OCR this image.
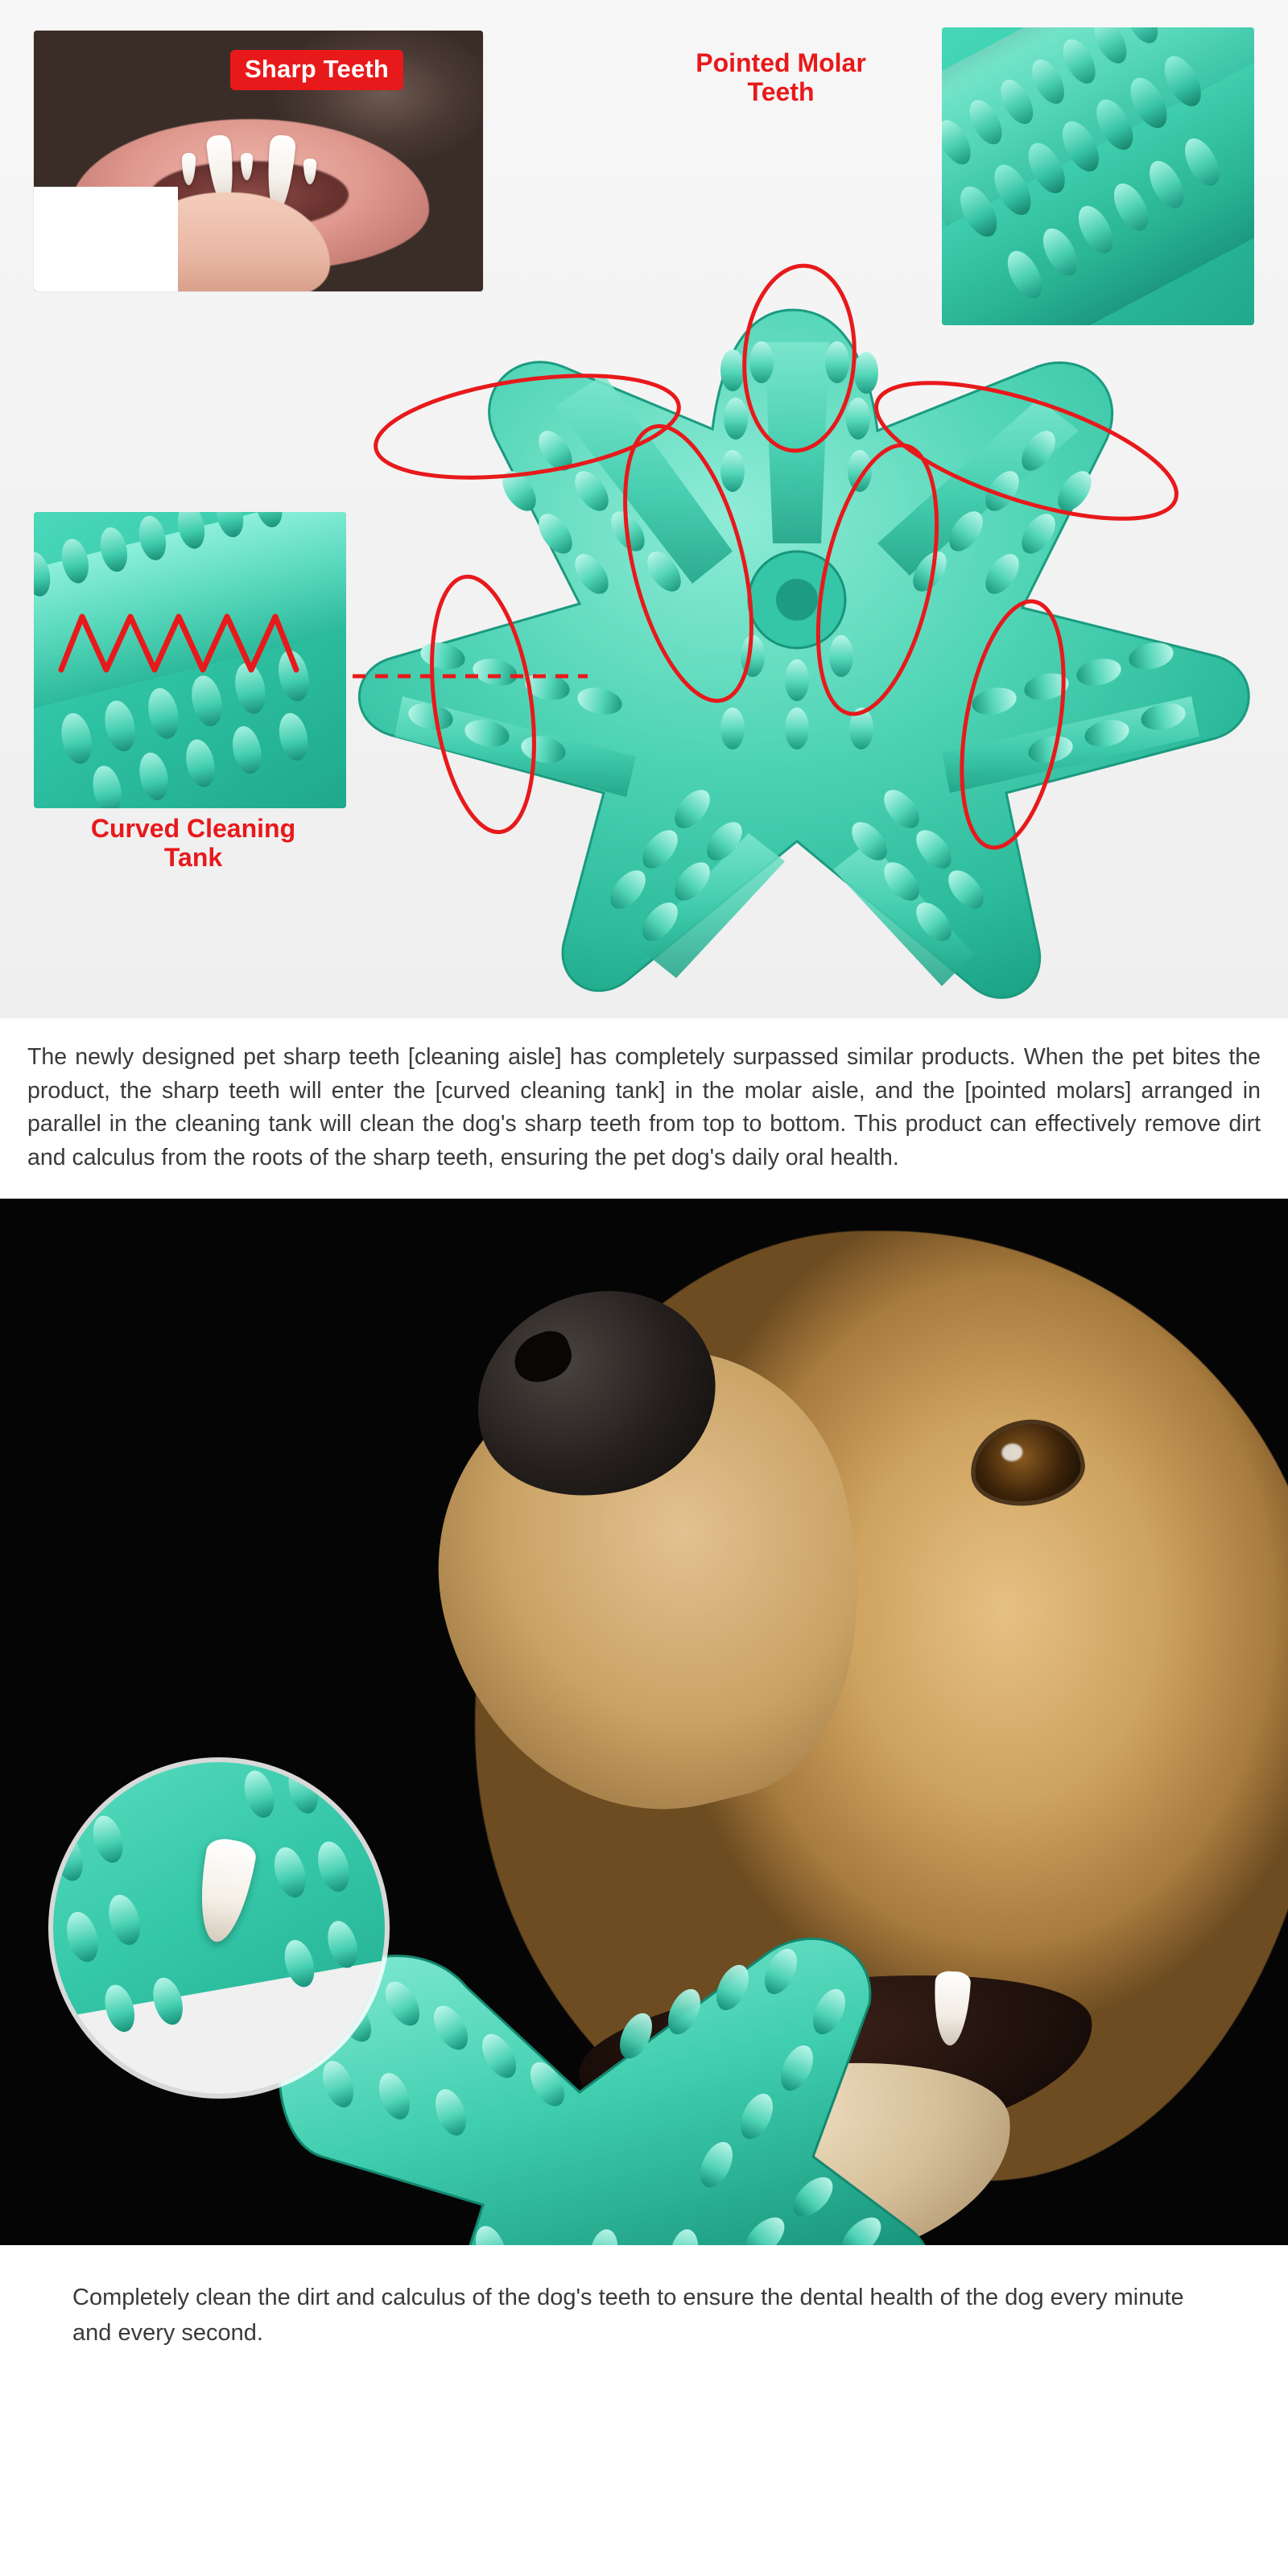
Sharp Teeth	Pointed Molar
Teeth
Curved Cleaning
Tank

The newly designed pet sharp teeth [cleaning aisle] has completely surpassed similar products. When the pet bites the product, the sharp teeth will enter the [curved cleaning tank] in the molar aisle, and the [pointed molars] arranged in parallel in the cleaning tank will clean the dog's sharp teeth from top to bottom. This product can effectively remove dirt and calculus from the roots of the sharp teeth, ensuring the pet dog's daily oral health.

Completely clean the dirt and calculus of the dog's teeth to ensure the dental health of the dog every minute and every second.
